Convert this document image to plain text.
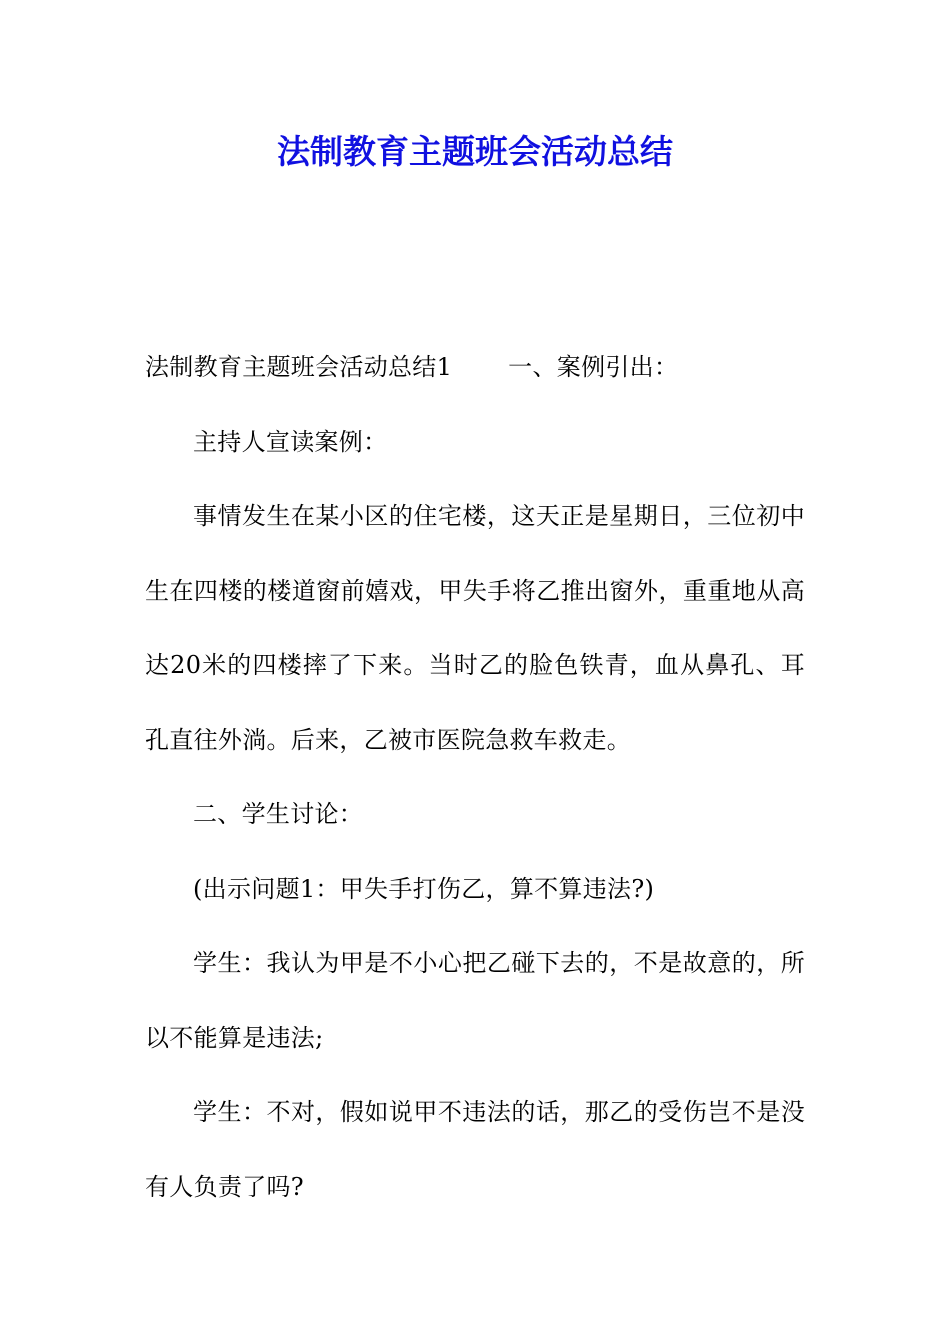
法制教育主题班会活动总结

法制教育主题班会活动总结1 一、案例引出：

主持人宣读案例：

事情发生在某小区的住宅楼，这天正是星期日，三位初中生在四楼的楼道窗前嬉戏，甲失手将乙推出窗外，重重地从高达20米的四楼摔了下来。当时乙的脸色铁青，血从鼻孔、耳孔直往外淌。后来，乙被市医院急救车救走。

二、学生讨论：

(出示问题1：甲失手打伤乙，算不算违法?)

学生：我认为甲是不小心把乙碰下去的，不是故意的，所以不能算是违法;

学生：不对，假如说甲不违法的话，那乙的受伤岂不是没有人负责了吗?
